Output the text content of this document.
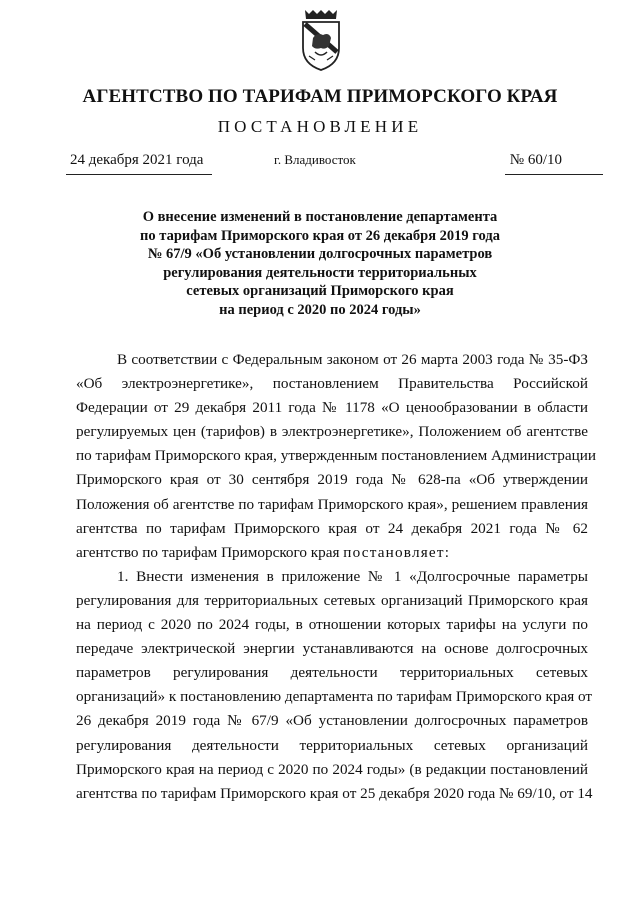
АГЕНТСТВО ПО ТАРИФАМ ПРИМОРСКОГО КРАЯ
ПОСТАНОВЛЕНИЕ
24 декабря 2021 года	г. Владивосток	№ 60/10
О внесение изменений в постановление департамента
по тарифам Приморского края от 26 декабря 2019 года
№ 67/9 «Об установлении долгосрочных параметров
регулирования деятельности территориальных
сетевых организаций Приморского края
на период с 2020 по 2024 годы»
В соответствии с Федеральным законом от 26 марта 2003 года № 35-ФЗ
«Об электроэнергетике», постановлением Правительства Российской
Федерации от 29 декабря 2011 года № 1178 «О ценообразовании в области
регулируемых цен (тарифов) в электроэнергетике», Положением об агентстве
по тарифам Приморского края, утвержденным постановлением Администрации
Приморского края от 30 сентября 2019 года № 628-па «Об утверждении
Положения об агентстве по тарифам Приморского края», решением правления
агентства по тарифам Приморского края от 24 декабря 2021 года № 62
агентство по тарифам Приморского края постановляет:
1. Внести изменения в приложение № 1 «Долгосрочные параметры
регулирования для территориальных сетевых организаций Приморского края
на период с 2020 по 2024 годы, в отношении которых тарифы на услуги по
передаче электрической энергии устанавливаются на основе долгосрочных
параметров регулирования деятельности территориальных сетевых
организаций» к постановлению департамента по тарифам Приморского края от
26 декабря 2019 года № 67/9 «Об установлении долгосрочных параметров
регулирования деятельности территориальных сетевых организаций
Приморского края на период с 2020 по 2024 годы» (в редакции постановлений
агентства по тарифам Приморского края от 25 декабря 2020 года № 69/10, от 14
